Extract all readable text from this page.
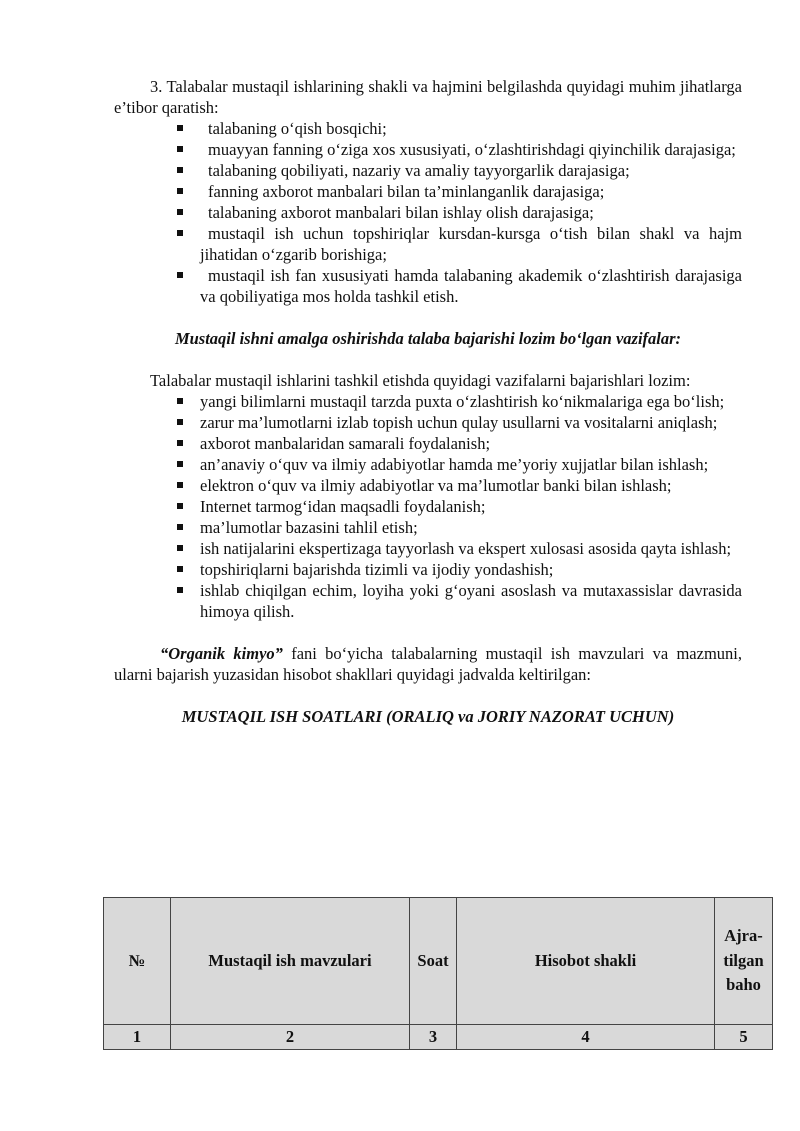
3. Talabalar mustaqil ishlarining shakli va hajmini belgilashda quyidagi muhim jihatlarga e’tibor qaratish:

talabaning o‘qish bosqichi;
muayyan fanning o‘ziga xos xususiyati, o‘zlashtirishdagi qiyinchilik darajasiga;
talabaning qobiliyati, nazariy va amaliy tayyorgarlik darajasiga;
fanning axborot manbalari bilan ta’minlanganlik darajasiga;
talabaning axborot manbalari bilan ishlay olish darajasiga;
mustaqil ish uchun topshiriqlar kursdan-kursga o‘tish bilan shakl va hajm jihatidan o‘zgarib borishiga;
mustaqil ish fan xususiyati hamda talabaning akademik o‘zlashtirish darajasiga va qobiliyatiga mos holda tashkil etish.

Mustaqil ishni amalga oshirishda talaba bajarishi lozim bo‘lgan vazifalar:

Talabalar mustaqil ishlarini tashkil etishda quyidagi vazifalarni bajarishlari lozim:

yangi bilimlarni mustaqil tarzda puxta o‘zlashtirish ko‘nikmalariga ega bo‘lish;
zarur ma’lumotlarni izlab topish uchun qulay usullarni va vositalarni aniqlash;
axborot manbalaridan samarali foydalanish;
an’anaviy o‘quv va ilmiy adabiyotlar hamda me’yoriy xujjatlar bilan ishlash;
elektron o‘quv va ilmiy adabiyotlar va ma’lumotlar banki bilan ishlash;
Internet tarmog‘idan maqsadli foydalanish;
ma’lumotlar bazasini tahlil etish;
ish natijalarini ekspertizaga tayyorlash va ekspert xulosasi asosida qayta ishlash;
topshiriqlarni bajarishda tizimli va ijodiy yondashish;
ishlab chiqilgan echim, loyiha yoki g‘oyani asoslash va mutaxassislar davrasida himoya qilish.

“Organik kimyo” fani bo‘yicha talabalarning mustaqil ish mavzulari va mazmuni, ularni bajarish yuzasidan hisobot shakllari quyidagi jadvalda keltirilgan:

MUSTAQIL ISH SOATLARI (ORALIQ va JORIY NAZORAT UCHUN)

№	Mustaqil ish mavzulari	Soat	Hisobot shakli	Ajra-tilgan baho
1	2	3	4	5
